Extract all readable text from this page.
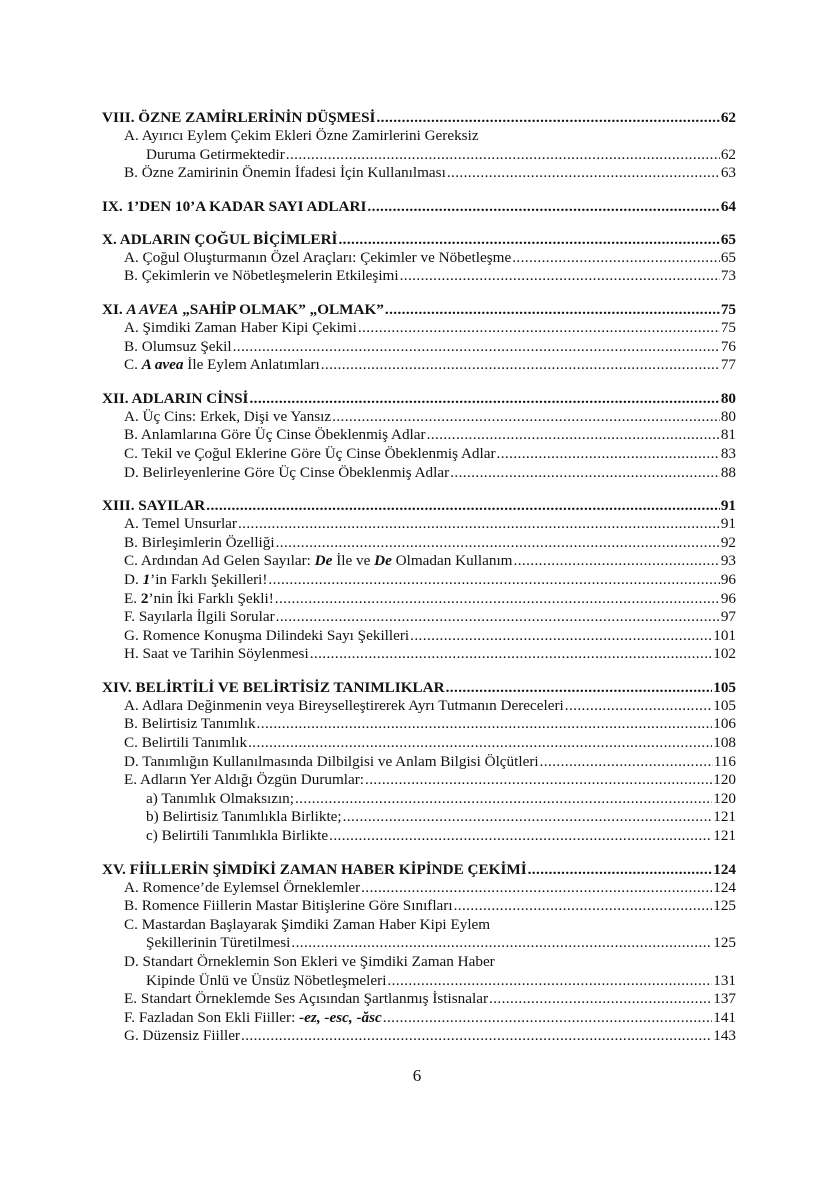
VIII. ÖZNE ZAMİRLERİNİN DÜŞMESİ .....	62
A. Ayırıcı Eylem Çekim Ekleri Özne Zamirlerini Gereksiz
Duruma Getirmektedir .....	62
B. Özne Zamirinin Önemin İfadesi İçin Kullanılması .....	63
IX. 1’DEN 10’A KADAR SAYI ADLARI .....	64
X. ADLARIN ÇOĞUL BİÇİMLERİ .....	65
A. Çoğul Oluşturmanın Özel Araçları: Çekimler ve Nöbetleşme .....	65
B. Çekimlerin ve Nöbetleşmelerin Etkileşimi .....	73
XI. A AVEA „SAHİP OLMAK” „OLMAK” .....	75
A. Şimdiki Zaman Haber Kipi Çekimi .....	75
B. Olumsuz Şekil .....	76
C. A avea İle Eylem Anlatımları .....	77
XII. ADLARIN CİNSİ .....	80
A. Üç Cins: Erkek, Dişi ve Yansız .....	80
B. Anlamlarına Göre Üç Cinse Öbeklenmiş Adlar .....	81
C. Tekil ve Çoğul Eklerine Göre Üç Cinse Öbeklenmiş Adlar .....	83
D. Belirleyenlerine Göre Üç Cinse Öbeklenmiş Adlar .....	88
XIII. SAYILAR .....	91
A. Temel Unsurlar .....	91
B. Birleşimlerin Özelliği .....	92
C. Ardından Ad Gelen Sayılar: De İle ve De Olmadan Kullanım .....	93
D. 1’in Farklı Şekilleri! .....	96
E. 2’nin İki Farklı Şekli! .....	96
F. Sayılarla İlgili Sorular .....	97
G. Romence Konuşma Dilindeki Sayı Şekilleri .....	101
H. Saat ve Tarihin Söylenmesi .....	102
XIV. BELİRTİLİ VE BELİRTİSİZ TANIMLIKLAR .....	105
A. Adlara Değinmenin veya Bireyselleştirerek Ayrı Tutmanın Dereceleri .....	105
B. Belirtisiz Tanımlık .....	106
C. Belirtili Tanımlık .....	108
D. Tanımlığın Kullanılmasında Dilbilgisi ve Anlam Bilgisi Ölçütleri .....	116
E. Adların Yer Aldığı Özgün Durumlar: .....	120
a) Tanımlık Olmaksızın; .....	120
b) Belirtisiz Tanımlıkla Birlikte; .....	121
c) Belirtili Tanımlıkla Birlikte .....	121
XV. FİİLLERİN ŞİMDİKİ ZAMAN HABER KİPİNDE ÇEKİMİ .....	124
A. Romence’de Eylemsel Örneklemler .....	124
B. Romence Fiillerin Mastar Bitişlerine Göre Sınıfları .....	125
C. Mastardan Başlayarak Şimdiki Zaman Haber Kipi Eylem
Şekillerinin Türetilmesi .....	125
D. Standart Örneklemin Son Ekleri ve Şimdiki Zaman Haber
Kipinde Ünlü ve Ünsüz Nöbetleşmeleri .....	131
E. Standart Örneklemde Ses Açısından Şartlanmış İstisnalar .....	137
F. Fazladan Son Ekli Fiiller: -ez, -esc, -ăsc .....	141
G. Düzensiz Fiiller .....	143
6
